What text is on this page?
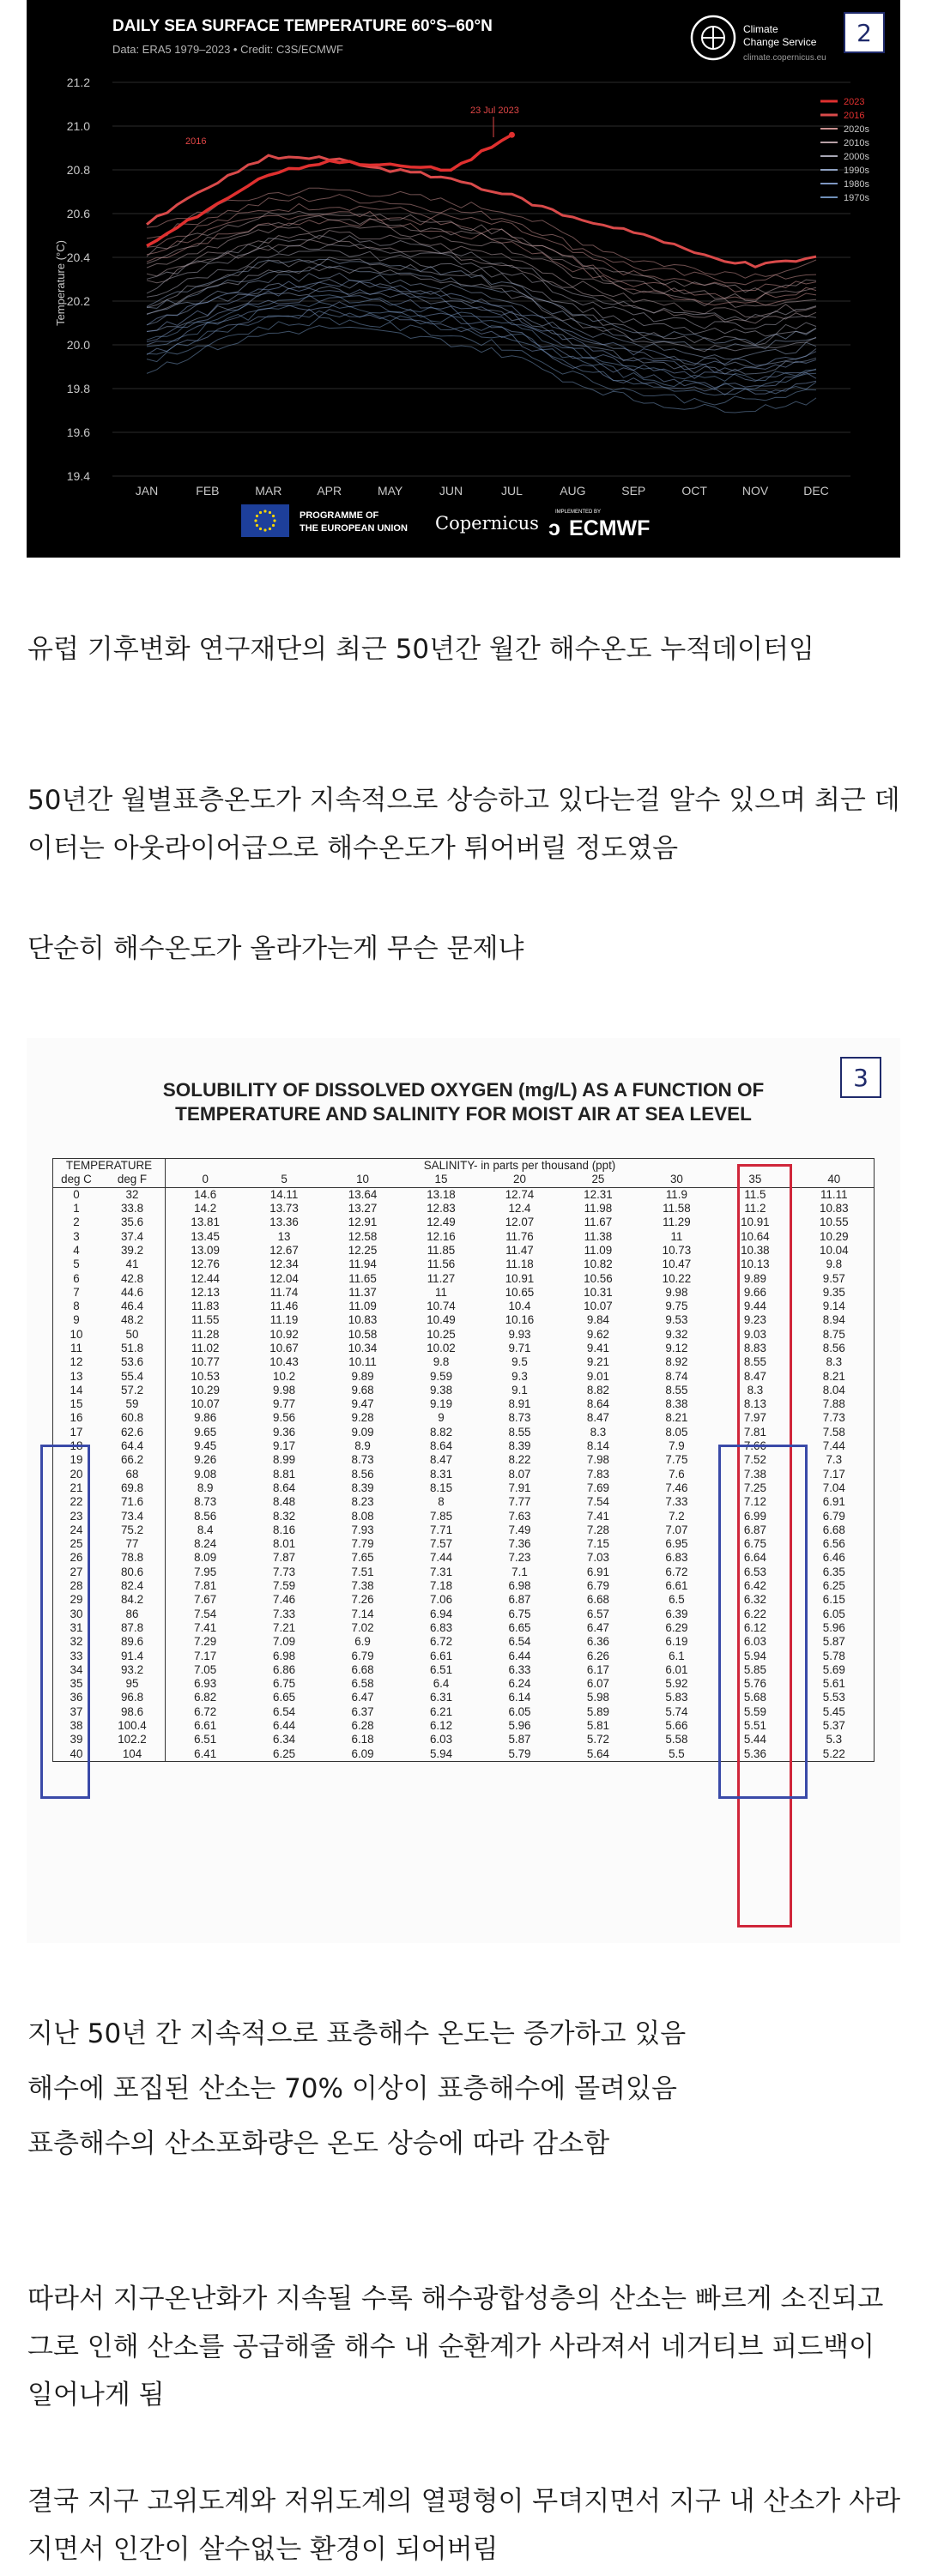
DAILY SEA SURFACE TEMPERATURE 60°S–60°N
Data: ERA5 1979–2023 • Credit: C3S/ECMWF
Climate
Change Service
climate.copernicus.eu
Temperature (°C)
21.2
21.0
20.8
20.6
20.4
20.2
20.0
19.8
19.6
19.4
JAN	FEB	MAR	APR	MAY	JUN	JUL	AUG	SEP	OCT	NOV	DEC
2016
23 Jul 2023
2023
2016
2020s
2010s
2000s
1990s
1980s
1970s
PROGRAMME OF
THE EUROPEAN UNION Copernicus
IMPLEMENTED BY
ECMWF
ↄ
2
유럽 기후변화 연구재단의 최근 50년간 월간 해수온도 누적데이터임
50년간 월별표층온도가 지속적으로 상승하고 있다는걸 알수 있으며 최근 데이터는 아웃라이어급으로 해수온도가 튀어버릴 정도였음
단순히 해수온도가 올라가는게 무슨 문제냐
SOLUBILITY OF DISSOLVED OXYGEN (mg/L) AS A FUNCTION OF
TEMPERATURE AND SALINITY FOR MOIST AIR AT SEA LEVEL
3
TEMPERATURE		SALINITY- in parts per thousand (ppt)								
deg C	deg F	0	5	10	15	20	25	30	35	40
0	32	14.6	14.11	13.64	13.18	12.74	12.31	11.9	11.5	11.11
1	33.8	14.2	13.73	13.27	12.83	12.4	11.98	11.58	11.2	10.83
2	35.6	13.81	13.36	12.91	12.49	12.07	11.67	11.29	10.91	10.55
3	37.4	13.45	13	12.58	12.16	11.76	11.38	11	10.64	10.29
4	39.2	13.09	12.67	12.25	11.85	11.47	11.09	10.73	10.38	10.04
5	41	12.76	12.34	11.94	11.56	11.18	10.82	10.47	10.13	9.8
6	42.8	12.44	12.04	11.65	11.27	10.91	10.56	10.22	9.89	9.57
7	44.6	12.13	11.74	11.37	11	10.65	10.31	9.98	9.66	9.35
8	46.4	11.83	11.46	11.09	10.74	10.4	10.07	9.75	9.44	9.14
9	48.2	11.55	11.19	10.83	10.49	10.16	9.84	9.53	9.23	8.94
10	50	11.28	10.92	10.58	10.25	9.93	9.62	9.32	9.03	8.75
11	51.8	11.02	10.67	10.34	10.02	9.71	9.41	9.12	8.83	8.56
12	53.6	10.77	10.43	10.11	9.8	9.5	9.21	8.92	8.55	8.3
13	55.4	10.53	10.2	9.89	9.59	9.3	9.01	8.74	8.47	8.21
14	57.2	10.29	9.98	9.68	9.38	9.1	8.82	8.55	8.3	8.04
15	59	10.07	9.77	9.47	9.19	8.91	8.64	8.38	8.13	7.88
16	60.8	9.86	9.56	9.28	9	8.73	8.47	8.21	7.97	7.73
17	62.6	9.65	9.36	9.09	8.82	8.55	8.3	8.05	7.81	7.58
18	64.4	9.45	9.17	8.9	8.64	8.39	8.14	7.9	7.66	7.44
19	66.2	9.26	8.99	8.73	8.47	8.22	7.98	7.75	7.52	7.3
20	68	9.08	8.81	8.56	8.31	8.07	7.83	7.6	7.38	7.17
21	69.8	8.9	8.64	8.39	8.15	7.91	7.69	7.46	7.25	7.04
22	71.6	8.73	8.48	8.23	8	7.77	7.54	7.33	7.12	6.91
23	73.4	8.56	8.32	8.08	7.85	7.63	7.41	7.2	6.99	6.79
24	75.2	8.4	8.16	7.93	7.71	7.49	7.28	7.07	6.87	6.68
25	77	8.24	8.01	7.79	7.57	7.36	7.15	6.95	6.75	6.56
26	78.8	8.09	7.87	7.65	7.44	7.23	7.03	6.83	6.64	6.46
27	80.6	7.95	7.73	7.51	7.31	7.1	6.91	6.72	6.53	6.35
28	82.4	7.81	7.59	7.38	7.18	6.98	6.79	6.61	6.42	6.25
29	84.2	7.67	7.46	7.26	7.06	6.87	6.68	6.5	6.32	6.15
30	86	7.54	7.33	7.14	6.94	6.75	6.57	6.39	6.22	6.05
31	87.8	7.41	7.21	7.02	6.83	6.65	6.47	6.29	6.12	5.96
32	89.6	7.29	7.09	6.9	6.72	6.54	6.36	6.19	6.03	5.87
33	91.4	7.17	6.98	6.79	6.61	6.44	6.26	6.1	5.94	5.78
34	93.2	7.05	6.86	6.68	6.51	6.33	6.17	6.01	5.85	5.69
35	95	6.93	6.75	6.58	6.4	6.24	6.07	5.92	5.76	5.61
36	96.8	6.82	6.65	6.47	6.31	6.14	5.98	5.83	5.68	5.53
37	98.6	6.72	6.54	6.37	6.21	6.05	5.89	5.74	5.59	5.45
38	100.4	6.61	6.44	6.28	6.12	5.96	5.81	5.66	5.51	5.37
39	102.2	6.51	6.34	6.18	6.03	5.87	5.72	5.58	5.44	5.3
40	104	6.41	6.25	6.09	5.94	5.79	5.64	5.5	5.36	5.22
지난 50년 간 지속적으로 표층해수 온도는 증가하고 있음
해수에 포집된 산소는 70% 이상이 표층해수에 몰려있음
표층해수의 산소포화량은 온도 상승에 따라 감소함
따라서 지구온난화가 지속될 수록 해수광합성층의 산소는 빠르게 소진되고 그로 인해 산소를 공급해줄 해수 내 순환계가 사라져서 네거티브 피드백이 일어나게 됨
결국 지구 고위도계와 저위도계의 열평형이 무뎌지면서 지구 내 산소가 사라지면서 인간이 살수없는 환경이 되어버림
